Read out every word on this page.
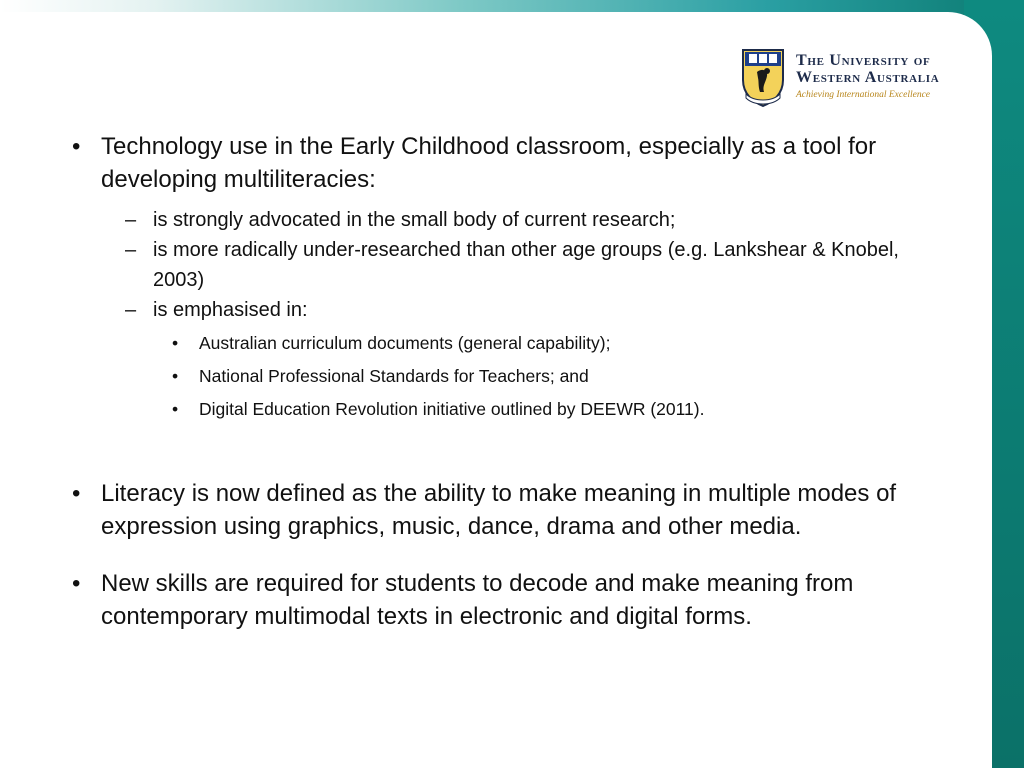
The University of
Western Australia
Achieving International Excellence
• Technology use in the Early Childhood classroom, especially as a tool for developing multiliteracies:
– is strongly advocated in the small body of current research;
– is more radically under-researched than other age groups (e.g. Lankshear & Knobel, 2003)
– is emphasised in:
• Australian curriculum documents (general capability);
• National Professional Standards for Teachers; and
• Digital Education Revolution initiative outlined by DEEWR (2011).
• Literacy is now defined as the ability to make meaning in multiple modes of expression using graphics, music, dance, drama and other media.
• New skills are required for students to decode and make meaning from contemporary multimodal texts in electronic and digital forms.
